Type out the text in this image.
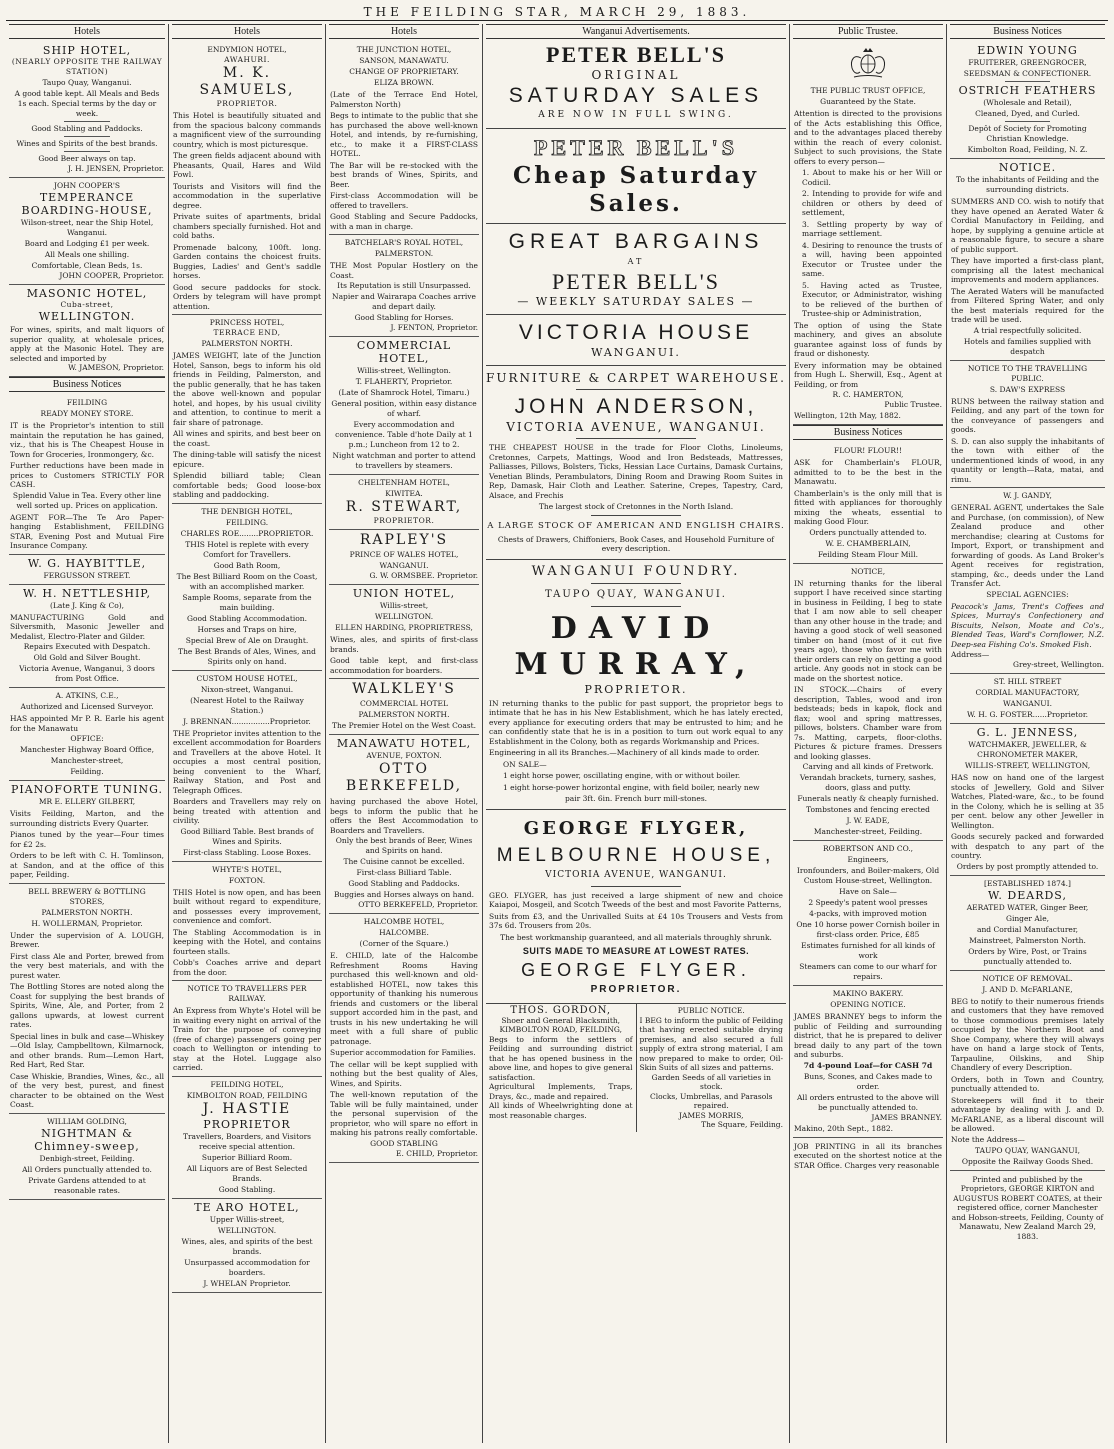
THE FEILDING STAR, MARCH 29, 1883.
Hotels
SHIP HOTEL,
(NEARLY OPPOSITE THE RAILWAY STATION)
Taupo Quay, Wanganui.
A good table kept. All Meals and Beds 1s each. Special terms by the day or week.
Good Stabling and Paddocks.
Wines and Spirits of the best brands.
Good Beer always on tap.
J. H. JENSEN, Proprietor.
JOHN COOPER'S
TEMPERANCE BOARDING-HOUSE,
Wilson-street, near the Ship Hotel, Wanganui.
Board and Lodging £1 per week.
All Meals one shilling.
Comfortable, Clean Beds, 1s.
JOHN COOPER, Proprietor.
MASONIC HOTEL,
Cuba-street,
WELLINGTON.
For wines, spirits, and malt liquors of superior quality, at wholesale prices, apply at the Masonic Hotel. They are selected and imported by
W. JAMESON, Proprietor.
Business Notices
FEILDING
READY MONEY STORE.
IT is the Proprietor's intention to still maintain the reputation he has gained, viz., that his is The Cheapest House in Town for Groceries, Ironmongery, &c.
Further reductions have been made in prices to Customers STRICTLY FOR CASH.
Splendid Value in Tea. Every other line well sorted up. Prices on application.
AGENT FOR—The Te Aro Paper-hanging Establishment, FEILDING STAR, Evening Post and Mutual Fire Insurance Company.
W. G. HAYBITTLE,
FERGUSSON STREET.
W. H. NETTLESHIP,
(Late J. King & Co),
MANUFACTURING Gold and Silversmith, Masonic Jeweller and Medalist, Electro-Plater and Gilder.
Repairs Executed with Despatch.
Old Gold and Silver Bought.
Victoria Avenue, Wanganui, 3 doors from Post Office.
A. ATKINS, C.E.,
Authorized and Licensed Surveyor.
HAS appointed Mr P. R. Earle his agent for the Manawatu
OFFICE:
Manchester Highway Board Office,
Manchester-street,
Feilding.
PIANOFORTE TUNING.
MR E. ELLERY GILBERT,
Visits Feilding, Marton, and the surrounding districts Every Quarter.
Pianos tuned by the year—Four times for £2 2s.
Orders to be left with C. H. Tomlinson, at Sandon, and at the office of this paper, Feilding.
BELL BREWERY & BOTTLING STORES,
PALMERSTON NORTH.
H. WOLLERMAN, Proprietor.
Under the supervision of A. LOUGH, Brewer.
First class Ale and Porter, brewed from the very best materials, and with the purest water.
The Bottling Stores are noted along the Coast for supplying the best brands of Spirits, Wine, Ale, and Porter, from 2 gallons upwards, at lowest current rates.
Special lines in bulk and case—Whiskey—Old Islay, Campbelltown, Kilmarnock, and other brands. Rum—Lemon Hart, Red Hart, Red Star.
Case Whiskie, Brandies, Wines, &c., all of the very best, purest, and finest character to be obtained on the West Coast.
WILLIAM GOLDING,
NIGHTMAN & Chimney-sweep,
Denbigh-street, Feilding.
All Orders punctually attended to.
Private Gardens attended to at reasonable rates.
Hotels
ENDYMION HOTEL,
AWAHURI.
M. K. SAMUELS,
PROPRIETOR.
This Hotel is beautifully situated and from the spacious balcony commands a magnificent view of the surrounding country, which is most picturesque.
The green fields adjacent abound with Pheasants, Quail, Hares and Wild Fowl.
Tourists and Visitors will find the accommodation in the superlative degree.
Private suites of apartments, bridal chambers specially furnished. Hot and cold baths.
Promenade balcony, 100ft. long. Garden contains the choicest fruits. Buggies, Ladies' and Gent's saddle horses.
Good secure paddocks for stock. Orders by telegram will have prompt attention.
PRINCESS HOTEL,
TERRACE END,
PALMERSTON NORTH.
JAMES WEIGHT, late of the Junction Hotel, Sanson, begs to inform his old friends in Feilding, Palmerston, and the public generally, that he has taken the above well-known and popular hotel, and hopes, by his usual civility and attention, to continue to merit a fair share of patronage.
All wines and spirits, and best beer on the coast.
The dining-table will satisfy the nicest epicure.
Splendid billiard table; Clean comfortable beds; Good loose-box stabling and paddocking.
THE DENBIGH HOTEL,
FEILDING.
CHARLES ROE........PROPRIETOR.
THIS Hotel is replete with every Comfort for Travellers.
Good Bath Room,
The Best Billiard Room on the Coast, with an accomplished marker.
Sample Rooms, separate from the main building.
Good Stabling Accommodation.
Horses and Traps on hire,
Special Brew of Ale on Draught.
The Best Brands of Ales, Wines, and Spirits only on hand.
CUSTOM HOUSE HOTEL,
Nixon-street, Wanganui.
(Nearest Hotel to the Railway Station.)
J. BRENNAN................Proprietor.
THE Proprietor invites attention to the excellent accommodation for Boarders and Travellers at the above Hotel. It occupies a most central position, being convenient to the Wharf, Railway Station, and Post and Telegraph Offices.
Boarders and Travellers may rely on being treated with attention and civility.
Good Billiard Table. Best brands of Wines and Spirits.
First-class Stabling. Loose Boxes.
WHYTE'S HOTEL,
FOXTON.
THIS Hotel is now open, and has been built without regard to expenditure, and possesses every improvement, convenience and comfort.
The Stabling Accommodation is in keeping with the Hotel, and contains fourteen stalls.
Cobb's Coaches arrive and depart from the door.
NOTICE TO TRAVELLERS PER RAILWAY.
An Express from Whyte's Hotel will be in waiting every night on arrival of the Train for the purpose of conveying (free of charge) passengers going per coach to Wellington or intending to stay at the Hotel. Luggage also carried.
FEILDING HOTEL,
KIMBOLTON ROAD, FEILDING
J. HASTIE
PROPRIETOR
Travellers, Boarders, and Visitors receive special attention.
Superior Billiard Room.
All Liquors are of Best Selected Brands.
Good Stabling.
TE ARO HOTEL,
Upper Willis-street,
WELLINGTON.
Wines, ales, and spirits of the best brands.
Unsurpassed accommodation for boarders.
J. WHELAN Proprietor.
Hotels
THE JUNCTION HOTEL,
SANSON, MANAWATU.
CHANGE OF PROPRIETARY.
ELIZA BROWN.
(Late of the Terrace End Hotel, Palmerston North)
Begs to intimate to the public that she has purchased the above well-known Hotel, and intends, by re-furnishing, etc., to make it a FIRST-CLASS HOTEL.
The Bar will be re-stocked with the best brands of Wines, Spirits, and Beer.
First-class Accommodation will be offered to travellers.
Good Stabling and Secure Paddocks, with a man in charge.
BATCHELAR'S ROYAL HOTEL,
PALMERSTON.
THE Most Popular Hostlery on the Coast.
Its Reputation is still Unsurpassed.
Napier and Wairarapa Coaches arrive and depart daily.
Good Stabling for Horses.
J. FENTON, Proprietor.
COMMERCIAL HOTEL,
Willis-street, Wellington.
T. FLAHERTY, Proprietor.
(Late of Shamrock Hotel, Timaru.)
General position, within easy distance of wharf.
Every accommodation and convenience. Table d'hote Daily at 1 p.m.; Luncheon from 12 to 2.
Night watchman and porter to attend to travellers by steamers.
CHELTENHAM HOTEL,
KIWITEA.
R. STEWART,
PROPRIETOR.
RAPLEY'S
PRINCE OF WALES HOTEL,
WANGANUI.
G. W. ORMSBEE. Proprietor.
UNION HOTEL,
Willis-street,
WELLINGTON.
ELLEN HARDING, PROPRIETRESS,
Wines, ales, and spirits of first-class brands.
Good table kept, and first-class accommodation for boarders.
WALKLEY'S
COMMERCIAL HOTEL
PALMERSTON NORTH.
The Premier Hotel on the West Coast.
MANAWATU HOTEL,
AVENUE, FOXTON.
OTTO BERKEFELD,
having purchased the above Hotel, begs to inform the public that he offers the Best Accommodation to Boarders and Travellers.
Only the best brands of Beer, Wines and Spirits on hand.
The Cuisine cannot be excelled.
First-class Billiard Table.
Good Stabling and Paddocks.
Buggies and Horses always on hand.
OTTO BERKEFELD, Proprietor.
HALCOMBE HOTEL,
HALCOMBE.
(Corner of the Square.)
E. CHILD, late of the Halcombe Refreshment Rooms Having purchased this well-known and old-established HOTEL, now takes this opportunity of thanking his numerous friends and customers or the liberal support accorded him in the past, and trusts in his new undertaking he will meet with a full share of public patronage.
Superior accommodation for Families.
The cellar will be kept supplied with nothing but the best quality of Ales, Wines, and Spirits.
The well-known reputation of the Table will be fully maintained, under the personal supervision of the proprietor, who will spare no effort in making his patrons really comfortable.
GOOD STABLING
E. CHILD, Proprietor.
Wanganui Advertisements.
PETER BELL'S
ORIGINAL
SATURDAY SALES
ARE NOW IN FULL SWING.
PETER BELL'S
Cheap Saturday Sales.
GREAT BARGAINS
AT
PETER BELL'S
— WEEKLY SATURDAY SALES —
VICTORIA HOUSE
WANGANUI.
FURNITURE & CARPET WAREHOUSE.
JOHN ANDERSON,
VICTORIA AVENUE, WANGANUI.
THE CHEAPEST HOUSE in the trade for Floor Cloths, Linoleums, Cretonnes, Carpets, Mattings, Wood and Iron Bedsteads, Mattresses, Palliasses, Pillows, Bolsters, Ticks, Hessian Lace Curtains, Damask Curtains, Venetian Blinds, Perambulators, Dining Room and Drawing Room Suites in Rep, Damask, Hair Cloth and Leather. Saterine, Crepes, Tapestry, Card, Alsace, and Frechis
The largest stock of Cretonnes in the North Island.
A LARGE STOCK OF AMERICAN AND ENGLISH CHAIRS.
Chests of Drawers, Chiffoniers, Book Cases, and Household Furniture of every description.
WANGANUI FOUNDRY.
TAUPO QUAY, WANGANUI.
DAVID MURRAY,
PROPRIETOR.
IN returning thanks to the public for past support, the proprietor begs to intimate that he has in his New Establishment, which he has lately erected, every appliance for executing orders that may be entrusted to him; and he can confidently state that he is in a position to turn out work equal to any Establishment in the Colony, both as regards Workmanship and Prices.
Engineering in all its Branches.—Machinery of all kinds made to order.
ON SALE—
1 eight horse power, oscillating engine, with or without boiler.
1 eight horse-power horizontal engine, with field boiler, nearly new
pair 3ft. 6in. French burr mill-stones.
GEORGE FLYGER,
MELBOURNE HOUSE,
VICTORIA AVENUE, WANGANUI.
GEO. FLYGER, has just received a large shipment of new and choice Kaiapoi, Mosgeil, and Scotch Tweeds of the best and most Favorite Patterns,
Suits from £3, and the Unrivalled Suits at £4 10s Trousers and Vests from 37s 6d. Trousers from 20s.
The best workmanship guaranteed, and all materials throughly shrunk.
SUITS MADE TO MEASURE AT LOWEST RATES.
GEORGE FLYGER.
PROPRIETOR.
THOS. GORDON,
Shoer and General Blacksmith,
KIMBOLTON ROAD, FEILDING,
Begs to inform the settlers of Feilding and surrounding district that he has opened business in the above line, and hopes to give general satisfaction.
Agricultural Implements, Traps, Drays, &c., made and repaired.
All kinds of Wheelwrighting done at most reasonable charges.
PUBLIC NOTICE.
I BEG to inform the public of Feilding that having erected suitable drying premises, and also secured a full supply of extra strong material, I am now prepared to make to order, Oil-Skin Suits of all sizes and patterns.
Garden Seeds of all varieties in stock.
Clocks, Umbrellas, and Parasols repaired.
JAMES MORRIS,
The Square, Feilding.
Public Trustee.
THE PUBLIC TRUST OFFICE,
Guaranteed by the State.
Attention is directed to the provisions of the Acts establishing this Office, and to the advantages placed thereby within the reach of every colonist. Subject to such provisions, the State offers to every person—
1. About to make his or her Will or Codicil.
2. Intending to provide for wife and children or others by deed of settlement,
3. Settling property by way of marriage settlement.
4. Desiring to renounce the trusts of a will, having been appointed Executor or Trustee under the same.
5. Having acted as Trustee, Executor, or Administrator, wishing to be relieved of the burthen of Trustee-ship or Administration,
The option of using the State machinery, and gives an absolute guarantee against loss of funds by fraud or dishonesty.
Every information may be obtained from Hugh L. Sherwill, Esq., Agent at Feilding, or from
R. C. HAMERTON,
Public Trustee.
Wellington, 12th May, 1882.
Business Notices
FLOUR! FLOUR!!
ASK for Chamberlain's FLOUR, admitted to to be the best in the Manawatu.
Chamberlain's is the only mill that is fitted with appliances for thoroughly mixing the wheats, essential to making Good Flour.
Orders punctually attended to.
W. E. CHAMBERLAIN,
Feilding Steam Flour Mill.
NOTICE,
IN returning thanks for the liberal support I have received since starting in business in Feilding, I beg to state that I am now able to sell cheaper than any other house in the trade; and having a good stock of well seasoned timber on hand (most of it cut five years ago), those who favor me with their orders can rely on getting a good article. Any goods not in stock can be made on the shortest notice.
IN STOCK.—Chairs of every description, Tables, wood and iron bedsteads; beds in kapok, flock and flax; wool and spring mattresses, pillows, bolsters. Chamber ware from 7s. Matting, carpets, floor-cloths. Pictures & picture frames. Dressers and looking glasses.
Carving and all kinds of Fretwork.
Verandah brackets, turnery, sashes, doors, glass and putty.
Funerals neatly & cheaply furnished.
Tombstones and fencing erected
J. W. EADE,
Manchester-street, Feilding.
ROBERTSON AND CO.,
Engineers,
Ironfounders, and Boiler-makers, Old Custom House-street, Wellington.
Have on Sale—
2 Speedy's patent wool presses
4-packs, with improved motion
One 10 horse power Cornish boiler in first-class order. Price, £85
Estimates furnished for all kinds of work
Steamers can come to our wharf for repairs.
MAKINO BAKERY.
OPENING NOTICE.
JAMES BRANNEY begs to inform the public of Feilding and surrounding district, that he is prepared to deliver bread daily to any part of the town and suburbs.
7d 4-pound Loaf—for CASH 7d
Buns, Scones, and Cakes made to order.
All orders entrusted to the above will be punctually attended to.
JAMES BRANNEY.
Makino, 20th Sept., 1882.
JOB PRINTING in all its branches executed on the shortest notice at the STAR Office. Charges very reasonable
Business Notices
EDWIN YOUNG
FRUITERER, GREENGROCER,
SEEDSMAN & CONFECTIONER.
OSTRICH FEATHERS
(Wholesale and Retail),
Cleaned, Dyed, and Curled.
Depôt of Society for Promoting Christian Knowledge.
Kimbolton Road, Feilding, N. Z.
NOTICE.
To the inhabitants of Feilding and the surrounding districts.
SUMMERS AND CO. wish to notify that they have opened an Aerated Water & Cordial Manufactory in Feilding, and hope, by supplying a genuine article at a reasonable figure, to secure a share of public support.
They have imported a first-class plant, comprising all the latest mechanical improvements and modern appliances.
The Aerated Waters will be manufacted from Filtered Spring Water, and only the best materials required for the trade will be used.
A trial respectfully solicited.
Hotels and families supplied with despatch
NOTICE TO THE TRAVELLING PUBLIC.
S. DAW'S EXPRESS
RUNS between the railway station and Feilding, and any part of the town for the conveyance of passengers and goods.
S. D. can also supply the inhabitants of the town with either of the undermentioned kinds of wood, in any quantity or length—Rata, matai, and rimu.
W. J. GANDY,
GENERAL AGENT, undertakes the Sale and Purchase, (on commission), of New Zealand produce and other merchandise; clearing at Customs for Import, Export, or transhipment and forwarding of goods. As Land Broker's Agent receives for registration, stamping, &c., deeds under the Land Transfer Act.
SPECIAL AGENCIES:
Peacock's Jams, Trent's Coffees and Spices, Murray's Confectionery and Biscuits, Nelson, Moate and Co's., Blended Teas, Ward's Cornflower, N.Z. Deep-sea Fishing Co's. Smoked Fish.
Address—
Grey-street, Wellington.
ST. HILL STREET
CORDIAL MANUFACTORY,
WANGANUI.
W. H. G. FOSTER......Proprietor.
G. L. JENNESS,
WATCHMAKER, JEWELLER, & CHRONOMETER MAKER,
WILLIS-STREET, WELLINGTON,
HAS now on hand one of the largest stocks of Jewellery, Gold and Silver Watches, Plated-ware, &c., to be found in the Colony, which he is selling at 35 per cent. below any other Jeweller in Wellington.
Goods securely packed and forwarded with despatch to any part of the country.
Orders by post promptly attended to.
[ESTABLISHED 1874.]
W. DEARDS,
AERATED WATER, Ginger Beer,
Ginger Ale,
and Cordial Manufacturer,
Mainstreet, Palmerston North.
Orders by Wire, Post, or Trains punctually attended to.
NOTICE OF REMOVAL.
J. AND D. McFARLANE,
BEG to notify to their numerous friends and customers that they have removed to those commodious premises lately occupied by the Northern Boot and Shoe Company, where they will always have on hand a large stock of Tents, Tarpauline, Oilskins, and Ship Chandlery of every Description.
Orders, both in Town and Country, punctually attended to.
Storekeepers will find it to their advantage by dealing with J. and D. McFARLANE, as a liberal discount will be allowed.
Note the Address—
TAUPO QUAY, WANGANUI,
Opposite the Railway Goods Shed.
Printed and published by the Proprietors, GEORGE KIRTON and AUGUSTUS ROBERT COATES, at their registered office, corner Manchester and Hobson-streets, Feilding, County of Manawatu, New Zealand March 29, 1883.
